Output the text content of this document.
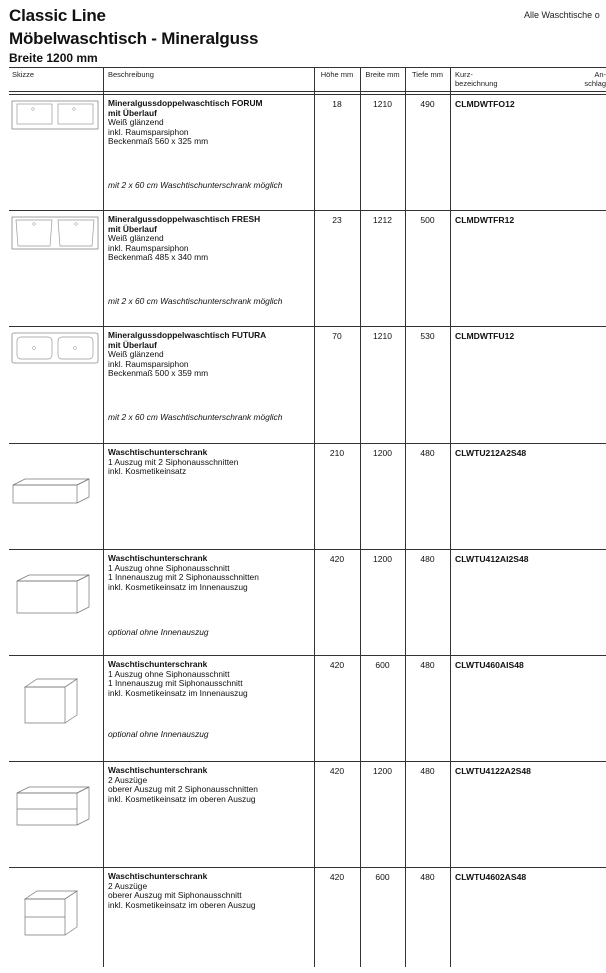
Classic Line
Möbelwaschtisch - Mineralguss
Breite 1200 mm
Alle Waschtische o
Skizze	Beschreibung	Höhe mm	Breite mm	Tiefe mm	Kurz-
bezeichnung
An-
schlag
Mineralgussdoppelwaschtisch FORUM
mit Überlauf
Weiß glänzend
inkl. Raumsparsiphon
Beckenmaß 560 x 325 mm
mit 2 x 60 cm Waschtischunterschrank möglich
18	1210	490	CLMDWTFO12
Mineralgussdoppelwaschtisch FRESH
mit Überlauf
Weiß glänzend
inkl. Raumsparsiphon
Beckenmaß 485 x 340 mm
mit 2 x 60 cm Waschtischunterschrank möglich
23	1212	500	CLMDWTFR12
Mineralgussdoppelwaschtisch FUTURA
mit Überlauf
Weiß glänzend
inkl. Raumsparsiphon
Beckenmaß 500 x 359 mm
mit 2 x 60 cm Waschtischunterschrank möglich
70	1210	530	CLMDWTFU12
Waschtischunterschrank
1 Auszug mit 2 Siphonausschnitten
inkl. Kosmetikeinsatz
210	1200	480	CLWTU212A2S48
Waschtischunterschrank
1 Auszug ohne Siphonausschnitt
1 Innenauszug mit 2 Siphonausschnitten
inkl. Kosmetikeinsatz im Innenauszug
optional ohne Innenauszug
420	1200	480	CLWTU412AI2S48
Waschtischunterschrank
1 Auszug ohne Siphonausschnitt
1 Innenauszug mit Siphonausschnitt
inkl. Kosmetikeinsatz im Innenauszug
optional ohne Innenauszug
420	600	480	CLWTU460AIS48
Waschtischunterschrank
2 Auszüge
oberer Auszug mit 2 Siphonausschnitten
inkl. Kosmetikeinsatz im oberen Auszug
420	1200	480	CLWTU4122A2S48
Waschtischunterschrank
2 Auszüge
oberer Auszug mit Siphonausschnitt
inkl. Kosmetikeinsatz im oberen Auszug
420	600	480	CLWTU4602AS48
